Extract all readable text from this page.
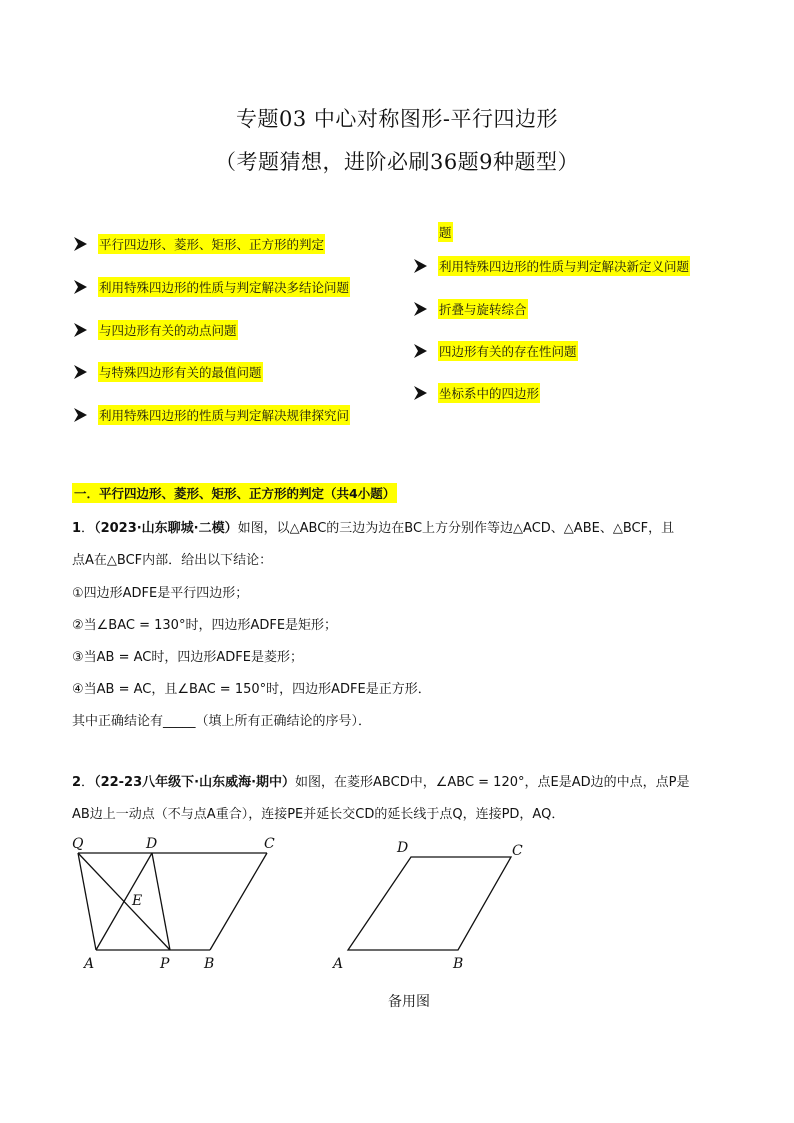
专题03 中心对称图形-平行四边形
（考题猜想，进阶必刷36题9种题型）
平行四边形、菱形、矩形、正方形的判定
利用特殊四边形的性质与判定解决多结论问题
与四边形有关的动点问题
与特殊四边形有关的最值问题
利用特殊四边形的性质与判定解决规律探究问
题
利用特殊四边形的性质与判定解决新定义问题
折叠与旋转综合
四边形有关的存在性问题
坐标系中的四边形
一．平行四边形、菱形、矩形、正方形的判定（共4小题）
1．（2023·山东聊城·二模）如图，以△ABC的三边为边在BC上方分别作等边△ACD、△ABE、△BCF，且
点A在△BCF内部．给出以下结论：
①四边形ADFE是平行四边形；
②当∠BAC = 130°时，四边形ADFE是矩形；
③当AB = AC时，四边形ADFE是菱形；
④当AB = AC，且∠BAC = 150°时，四边形ADFE是正方形．
其中正确结论有_____（填上所有正确结论的序号）．
2．（22-23八年级下·山东威海·期中）如图，在菱形ABCD中，∠ABC = 120°，点E是AD边的中点，点P是
AB边上一动点（不与点A重合），连接PE并延长交CD的延长线于点Q，连接PD，AQ．
Q	D	C
E
A	P B
D	C
A	B
备用图
